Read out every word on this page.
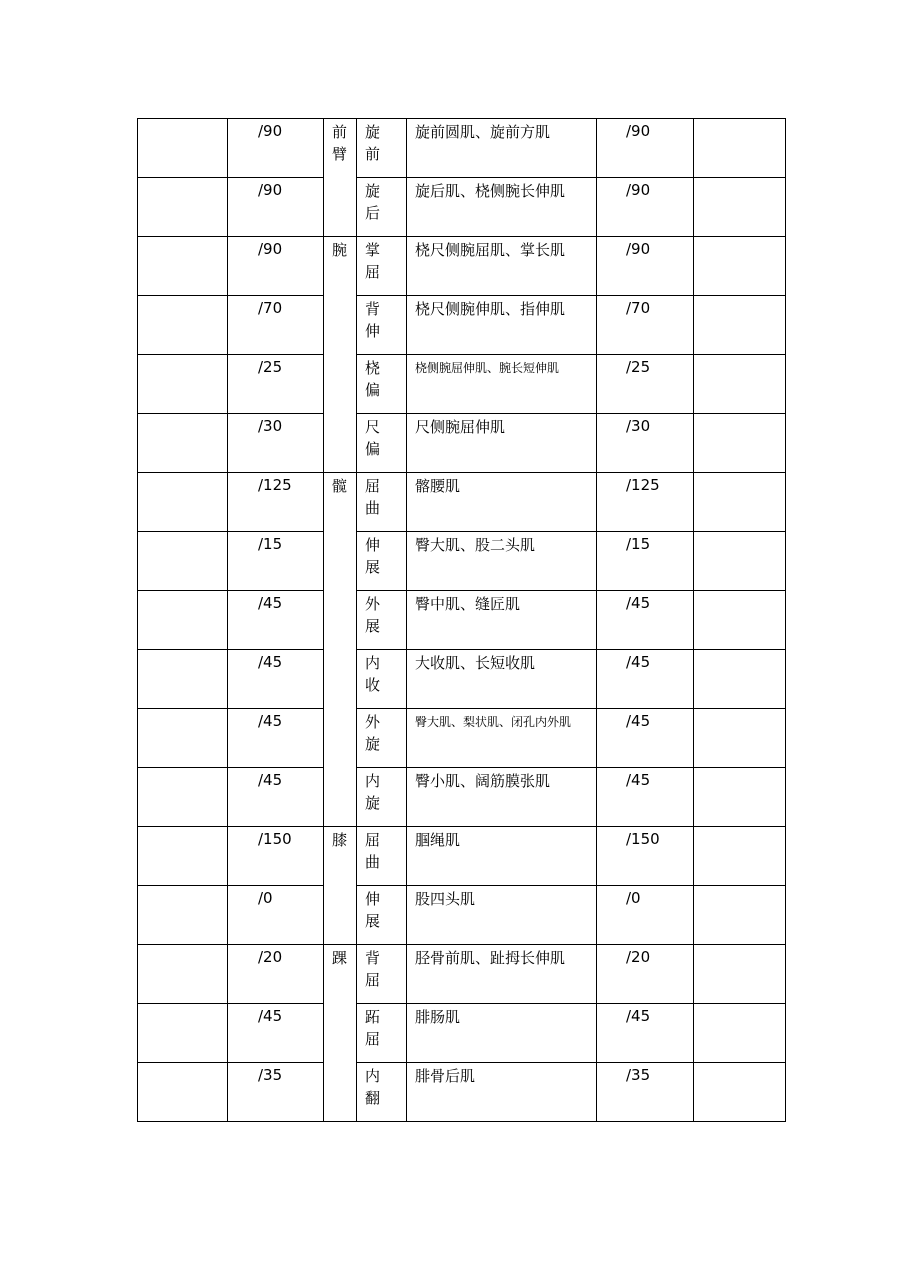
	/90	前臂	旋前	旋前圆肌、旋前方肌	/90	
	/90		旋后	旋后肌、桡侧腕长伸肌	/90	
	/90	腕	掌屈	桡尺侧腕屈肌、掌长肌	/90	
	/70		背伸	桡尺侧腕伸肌、指伸肌	/70	
	/25		桡偏	桡侧腕屈伸肌、腕长短伸肌	/25	
	/30		尺偏	尺侧腕屈伸肌	/30	
	/125	髋	屈曲	髂腰肌	/125	
	/15		伸展	臀大肌、股二头肌	/15	
	/45		外展	臀中肌、缝匠肌	/45	
	/45		内收	大收肌、长短收肌	/45	
	/45		外旋	臀大肌、梨状肌、闭孔内外肌	/45	
	/45		内旋	臀小肌、阔筋膜张肌	/45	
	/150	膝	屈曲	腘绳肌	/150	
	/0		伸展	股四头肌	/0	
	/20	踝	背屈	胫骨前肌、趾拇长伸肌	/20	
	/45		跖屈	腓肠肌	/45	
	/35		内翻	腓骨后肌	/35	
